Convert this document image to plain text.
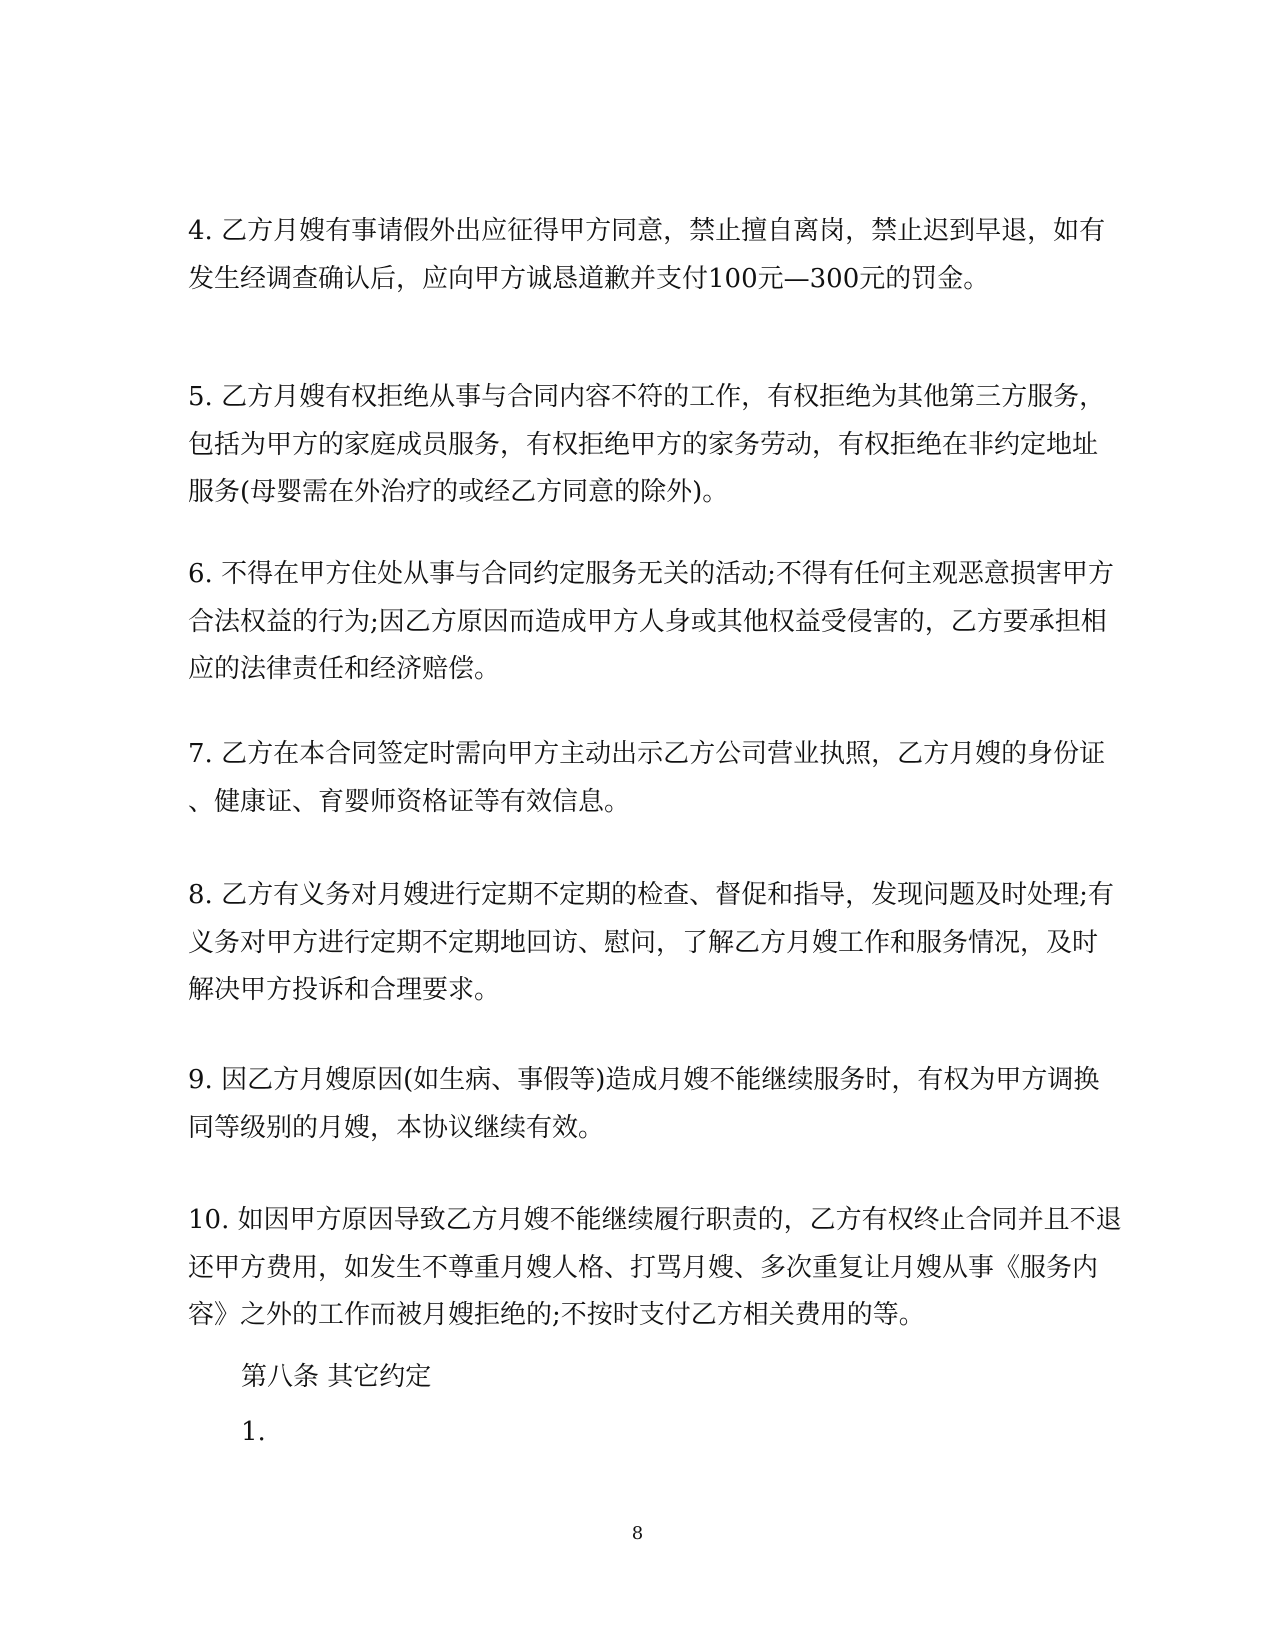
4. 乙方月嫂有事请假外出应征得甲方同意，禁止擅自离岗，禁止迟到早退，如有
发生经调查确认后，应向甲方诚恳道歉并支付100元—300元的罚金。

5. 乙方月嫂有权拒绝从事与合同内容不符的工作，有权拒绝为其他第三方服务，
包括为甲方的家庭成员服务，有权拒绝甲方的家务劳动，有权拒绝在非约定地址
服务(母婴需在外治疗的或经乙方同意的除外)。

6. 不得在甲方住处从事与合同约定服务无关的活动;不得有任何主观恶意损害甲方
合法权益的行为;因乙方原因而造成甲方人身或其他权益受侵害的，乙方要承担相
应的法律责任和经济赔偿。

7. 乙方在本合同签定时需向甲方主动出示乙方公司营业执照，乙方月嫂的身份证
、健康证、育婴师资格证等有效信息。

8. 乙方有义务对月嫂进行定期不定期的检查、督促和指导，发现问题及时处理;有
义务对甲方进行定期不定期地回访、慰问，了解乙方月嫂工作和服务情况，及时
解决甲方投诉和合理要求。

9. 因乙方月嫂原因(如生病、事假等)造成月嫂不能继续服务时，有权为甲方调换
同等级别的月嫂，本协议继续有效。

10. 如因甲方原因导致乙方月嫂不能继续履行职责的，乙方有权终止合同并且不退
还甲方费用，如发生不尊重月嫂人格、打骂月嫂、多次重复让月嫂从事《服务内
容》之外的工作而被月嫂拒绝的;不按时支付乙方相关费用的等。

第八条 其它约定
1.
8
